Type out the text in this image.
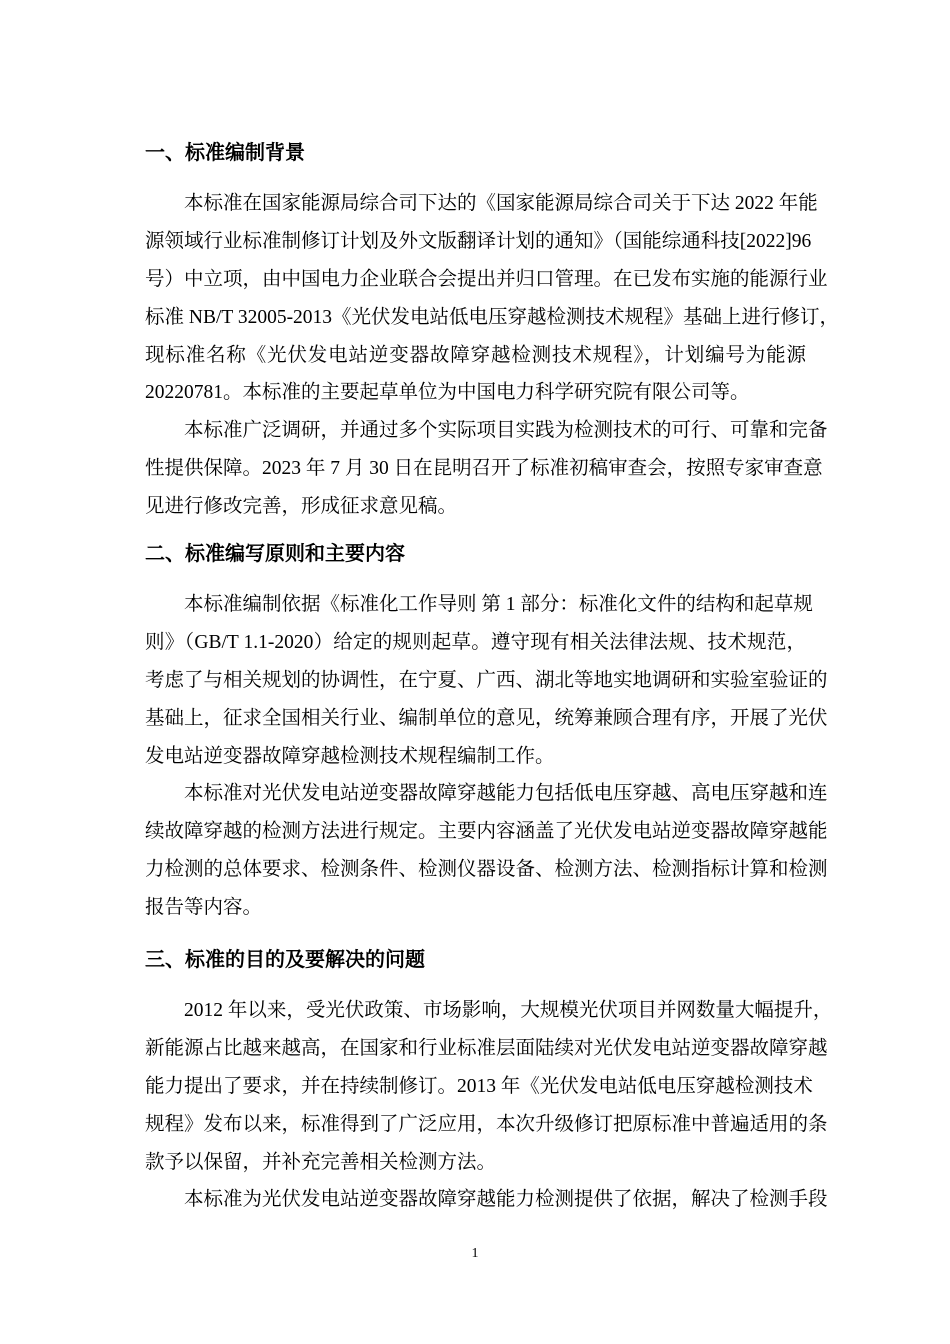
一、标准编制背景
本标准在国家能源局综合司下达的《国家能源局综合司关于下达 2022 年能
源领域行业标准制修订计划及外文版翻译计划的通知》（国能综通科技[2022]96
号）中立项，由中国电力企业联合会提出并归口管理。在已发布实施的能源行业
标准 NB/T 32005-2013《光伏发电站低电压穿越检测技术规程》基础上进行修订，
现标准名称《光伏发电站逆变器故障穿越检测技术规程》，计划编号为能源
20220781。本标准的主要起草单位为中国电力科学研究院有限公司等。
本标准广泛调研，并通过多个实际项目实践为检测技术的可行、可靠和完备
性提供保障。2023 年 7 月 30 日在昆明召开了标准初稿审查会，按照专家审查意
见进行修改完善，形成征求意见稿。
二、标准编写原则和主要内容
本标准编制依据《标准化工作导则 第 1 部分：标准化文件的结构和起草规
则》（GB/T 1.1-2020）给定的规则起草。遵守现有相关法律法规、技术规范，
考虑了与相关规划的协调性，在宁夏、广西、湖北等地实地调研和实验室验证的
基础上，征求全国相关行业、编制单位的意见，统筹兼顾合理有序，开展了光伏
发电站逆变器故障穿越检测技术规程编制工作。
本标准对光伏发电站逆变器故障穿越能力包括低电压穿越、高电压穿越和连
续故障穿越的检测方法进行规定。主要内容涵盖了光伏发电站逆变器故障穿越能
力检测的总体要求、检测条件、检测仪器设备、检测方法、检测指标计算和检测
报告等内容。
三、标准的目的及要解决的问题
2012 年以来，受光伏政策、市场影响，大规模光伏项目并网数量大幅提升，
新能源占比越来越高，在国家和行业标准层面陆续对光伏发电站逆变器故障穿越
能力提出了要求，并在持续制修订。2013 年《光伏发电站低电压穿越检测技术
规程》发布以来，标准得到了广泛应用，本次升级修订把原标准中普遍适用的条
款予以保留，并补充完善相关检测方法。
本标准为光伏发电站逆变器故障穿越能力检测提供了依据，解决了检测手段
1
